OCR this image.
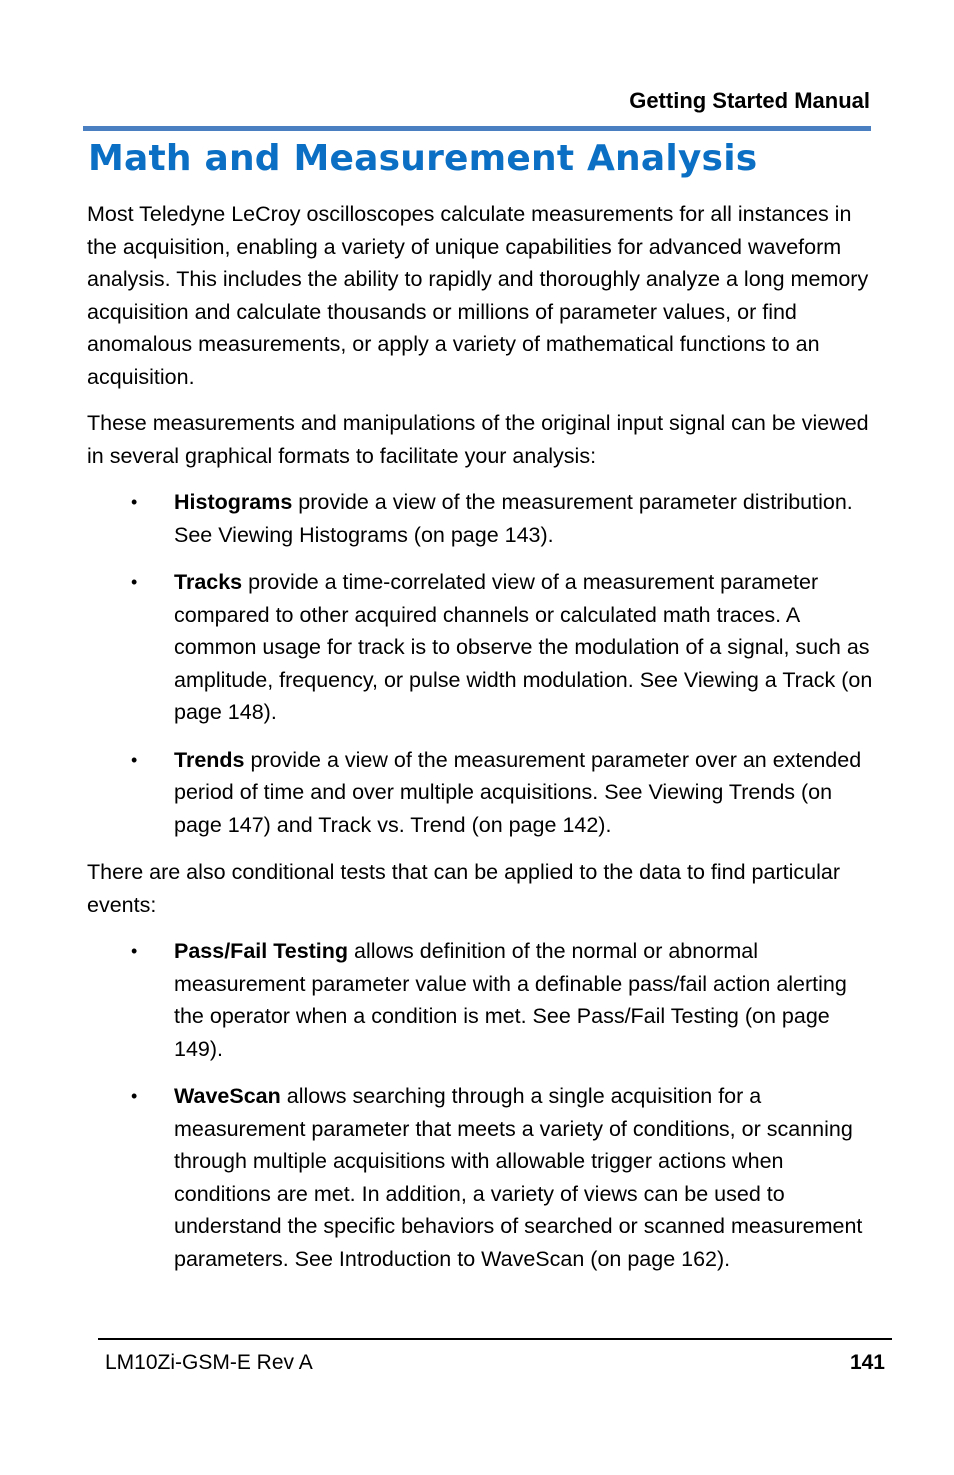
Getting Started Manual
Math and Measurement Analysis

Most Teledyne LeCroy oscilloscopes calculate measurements for all instances in the acquisition, enabling a variety of unique capabilities for advanced waveform analysis. This includes the ability to rapidly and thoroughly analyze a long memory acquisition and calculate thousands or millions of parameter values, or find anomalous measurements, or apply a variety of mathematical functions to an acquisition.

These measurements and manipulations of the original input signal can be viewed in several graphical formats to facilitate your analysis:

• Histograms provide a view of the measurement parameter distribution. See Viewing Histograms (on page 143).
• Tracks provide a time-correlated view of a measurement parameter compared to other acquired channels or calculated math traces. A common usage for track is to observe the modulation of a signal, such as amplitude, frequency, or pulse width modulation. See Viewing a Track (on page 148).
• Trends provide a view of the measurement parameter over an extended period of time and over multiple acquisitions. See Viewing Trends (on page 147) and Track vs. Trend (on page 142).

There are also conditional tests that can be applied to the data to find particular events:

• Pass/Fail Testing allows definition of the normal or abnormal measurement parameter value with a definable pass/fail action alerting the operator when a condition is met. See Pass/Fail Testing (on page 149).
• WaveScan allows searching through a single acquisition for a measurement parameter that meets a variety of conditions, or scanning through multiple acquisitions with allowable trigger actions when conditions are met. In addition, a variety of views can be used to understand the specific behaviors of searched or scanned measurement parameters. See Introduction to WaveScan (on page 162).
LM10Zi-GSM-E Rev A	141
